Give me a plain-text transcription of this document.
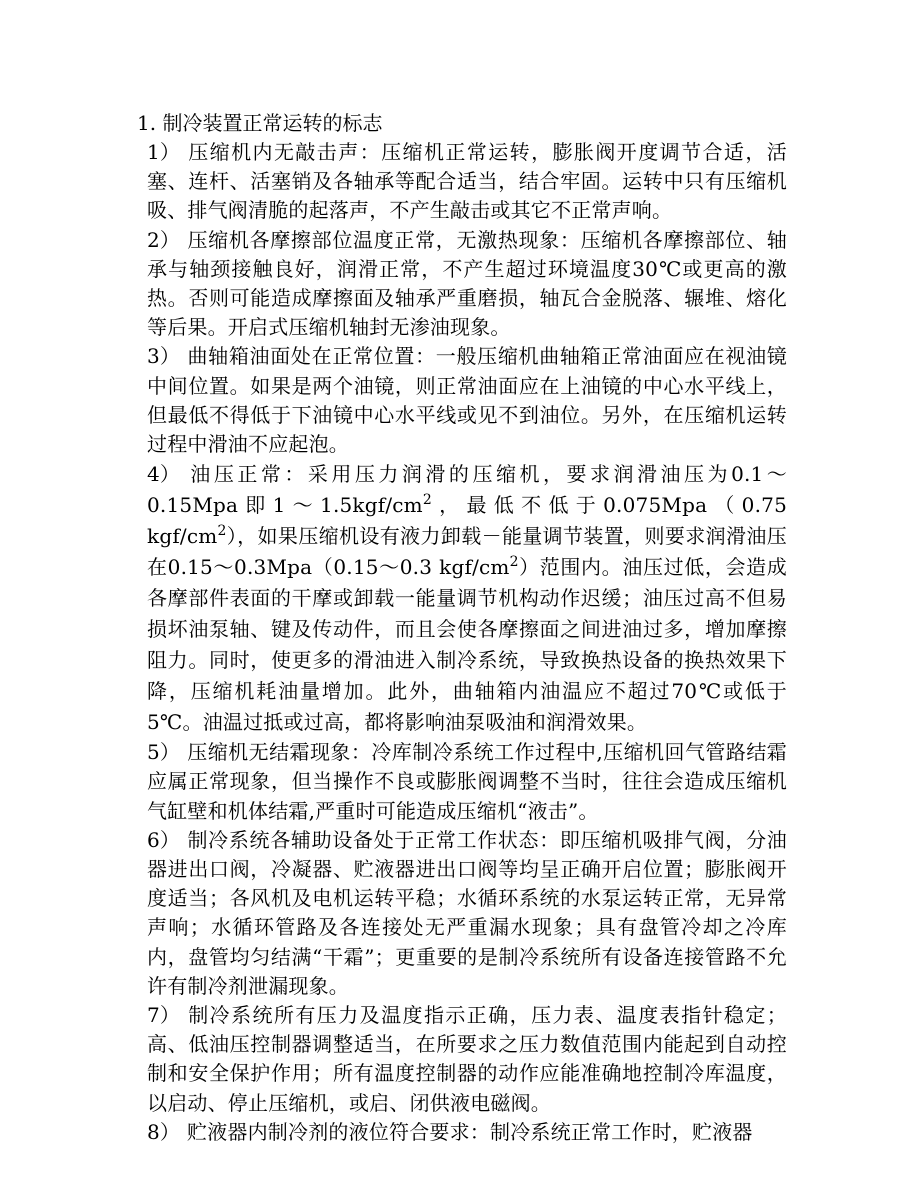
1. 制冷装置正常运转的标志

1） 压缩机内无敲击声：压缩机正常运转，膨胀阀开度调节合适，活塞、连杆、活塞销及各轴承等配合适当，结合牢固。运转中只有压缩机吸、排气阀清脆的起落声，不产生敲击或其它不正常声响。

2） 压缩机各摩擦部位温度正常，无激热现象：压缩机各摩擦部位、轴承与轴颈接触良好，润滑正常，不产生超过环境温度30℃或更高的激热。否则可能造成摩擦面及轴承严重磨损，轴瓦合金脱落、辗堆、熔化等后果。开启式压缩机轴封无渗油现象。

3） 曲轴箱油面处在正常位置：一般压缩机曲轴箱正常油面应在视油镜中间位置。如果是两个油镜，则正常油面应在上油镜的中心水平线上，但最低不得低于下油镜中心水平线或见不到油位。另外，在压缩机运转过程中滑油不应起泡。

4） 油压正常：采用压力润滑的压缩机，要求润滑油压为0.1～0.15Mpa即$1\sim 1.5kgf/cm^2$，最低不低于0.075Mpa（0.75 kgf/$cm^2$），如果压缩机设有液力卸载－能量调节装置，则要求润滑油压在0.15～0.3Mpa（0.15～0.3 kgf/$cm^2$）范围内。油压过低，会造成各摩部件表面的干摩或卸载一能量调节机构动作迟缓；油压过高不但易损坏油泵轴、键及传动件，而且会使各摩擦面之间进油过多，增加摩擦阻力。同时，使更多的滑油进入制冷系统，导致换热设备的换热效果下降，压缩机耗油量增加。此外，曲轴箱内油温应不超过70℃或低于5℃。油温过抵或过高，都将影响油泵吸油和润滑效果。

5） 压缩机无结霜现象：冷库制冷系统工作过程中,压缩机回气管路结霜应属正常现象，但当操作不良或膨胀阀调整不当时，往往会造成压缩机气缸壁和机体结霜,严重时可能造成压缩机“液击”。

6） 制冷系统各辅助设备处于正常工作状态：即压缩机吸排气阀，分油器进出口阀，冷凝器、贮液器进出口阀等均呈正确开启位置；膨胀阀开度适当；各风机及电机运转平稳；水循环系统的水泵运转正常，无异常声响；水循环管路及各连接处无严重漏水现象；具有盘管冷却之冷库内，盘管均匀结满“干霜”；更重要的是制冷系统所有设备连接管路不允许有制冷剂泄漏现象。

7） 制冷系统所有压力及温度指示正确，压力表、温度表指针稳定；高、低油压控制器调整适当，在所要求之压力数值范围内能起到自动控制和安全保护作用；所有温度控制器的动作应能准确地控制冷库温度，以启动、停止压缩机，或启、闭供液电磁阀。

8） 贮液器内制冷剂的液位符合要求：制冷系统正常工作时，贮液器
